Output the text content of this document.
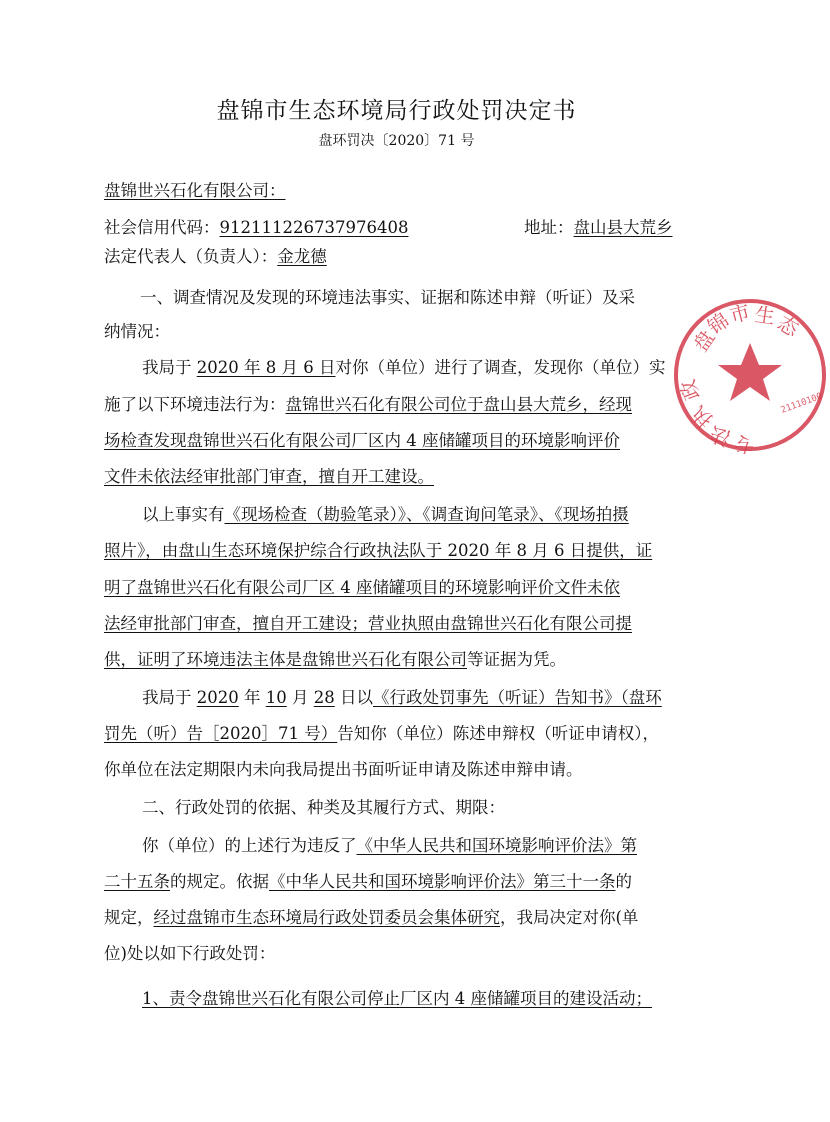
盘锦市生态环境局行政处罚决定书
盘环罚决〔2020〕71 号
盘锦世兴石化有限公司：
社会信用代码：912111226737976408	地址：盘山县大荒乡
法定代表人（负责人）：金龙德
一、调查情况及发现的环境违法事实、证据和陈述申辩（听证）及采
纳情况：
我局于 2020 年 8 月 6 日对你（单位）进行了调查，发现你（单位）实
施了以下环境违法行为：盘锦世兴石化有限公司位于盘山县大荒乡，经现
场检查发现盘锦世兴石化有限公司厂区内 4 座储罐项目的环境影响评价
文件未依法经审批部门审查，擅自开工建设。
以上事实有《现场检查（勘验笔录）》、《调查询问笔录》、《现场拍摄
照片》，由盘山生态环境保护综合行政执法队于 2020 年 8 月 6 日提供，证
明了盘锦世兴石化有限公司厂区 4 座储罐项目的环境影响评价文件未依
法经审批部门审查，擅自开工建设；营业执照由盘锦世兴石化有限公司提
供，证明了环境违法主体是盘锦世兴石化有限公司等证据为凭。
我局于 2020 年 10 月 28 日以《行政处罚事先（听证）告知书》（盘环
罚先（听）告［2020］71 号）告知你（单位）陈述申辩权（听证申请权），
你单位在法定期限内未向我局提出书面听证申请及陈述申辩申请。
二、行政处罚的依据、种类及其履行方式、期限：
你（单位）的上述行为违反了《中华人民共和国环境影响评价法》第
二十五条的规定。依据《中华人民共和国环境影响评价法》第三十一条的
规定，经过盘锦市生态环境局行政处罚委员会集体研究，我局决定对你(单
位)处以如下行政处罚：
1、责令盘锦世兴石化有限公司停止厂区内 4 座储罐项目的建设活动；
盘
锦
市 生
态
政
执
法 专
21110100
